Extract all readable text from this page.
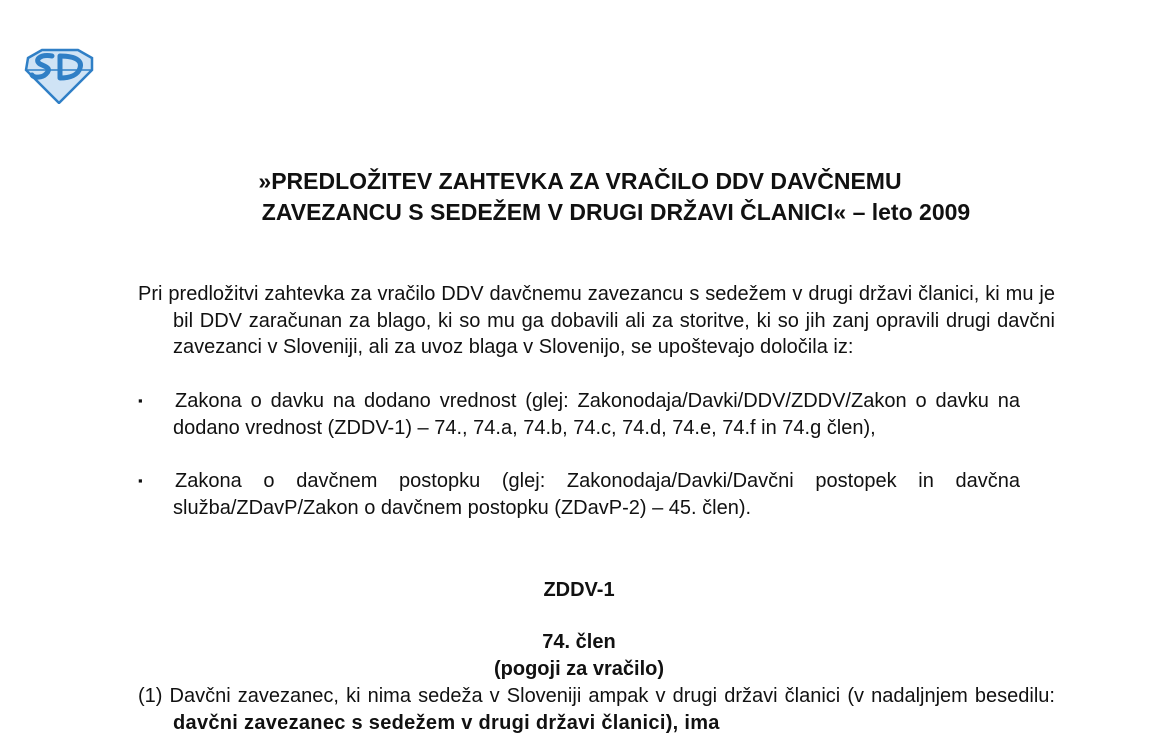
»PREDLOŽITEV ZAHTEVKA ZA VRAČILO DDV DAVČNEMU
ZAVEZANCU S SEDEŽEM V DRUGI DRŽAVI ČLANICI« – leto 2009
Pri predložitvi zahtevka za vračilo DDV davčnemu zavezancu s sedežem v drugi državi članici, ki mu je bil DDV zaračunan za blago, ki so mu ga dobavili ali za storitve, ki so jih zanj opravili drugi davčni zavezanci v Sloveniji, ali za uvoz blaga v Slovenijo, se upoštevajo določila iz:
▪	Zakona o davku na dodano vrednost (glej: Zakonodaja/Davki/DDV/ZDDV/Zakon o davku na dodano vrednost (ZDDV-1) – 74., 74.a, 74.b, 74.c, 74.d, 74.e, 74.f in 74.g člen),
▪	Zakona o davčnem postopku (glej: Zakonodaja/Davki/Davčni postopek in davčna služba/ZDavP/Zakon o davčnem postopku (ZDavP-2) – 45. člen).
ZDDV-1
74. člen
(pogoji za vračilo)
(1) Davčni zavezanec, ki nima sedeža v Sloveniji ampak v drugi državi članici (v nadaljnjem besedilu: davčni zavezanec s sedežem v drugi državi članici), ima
